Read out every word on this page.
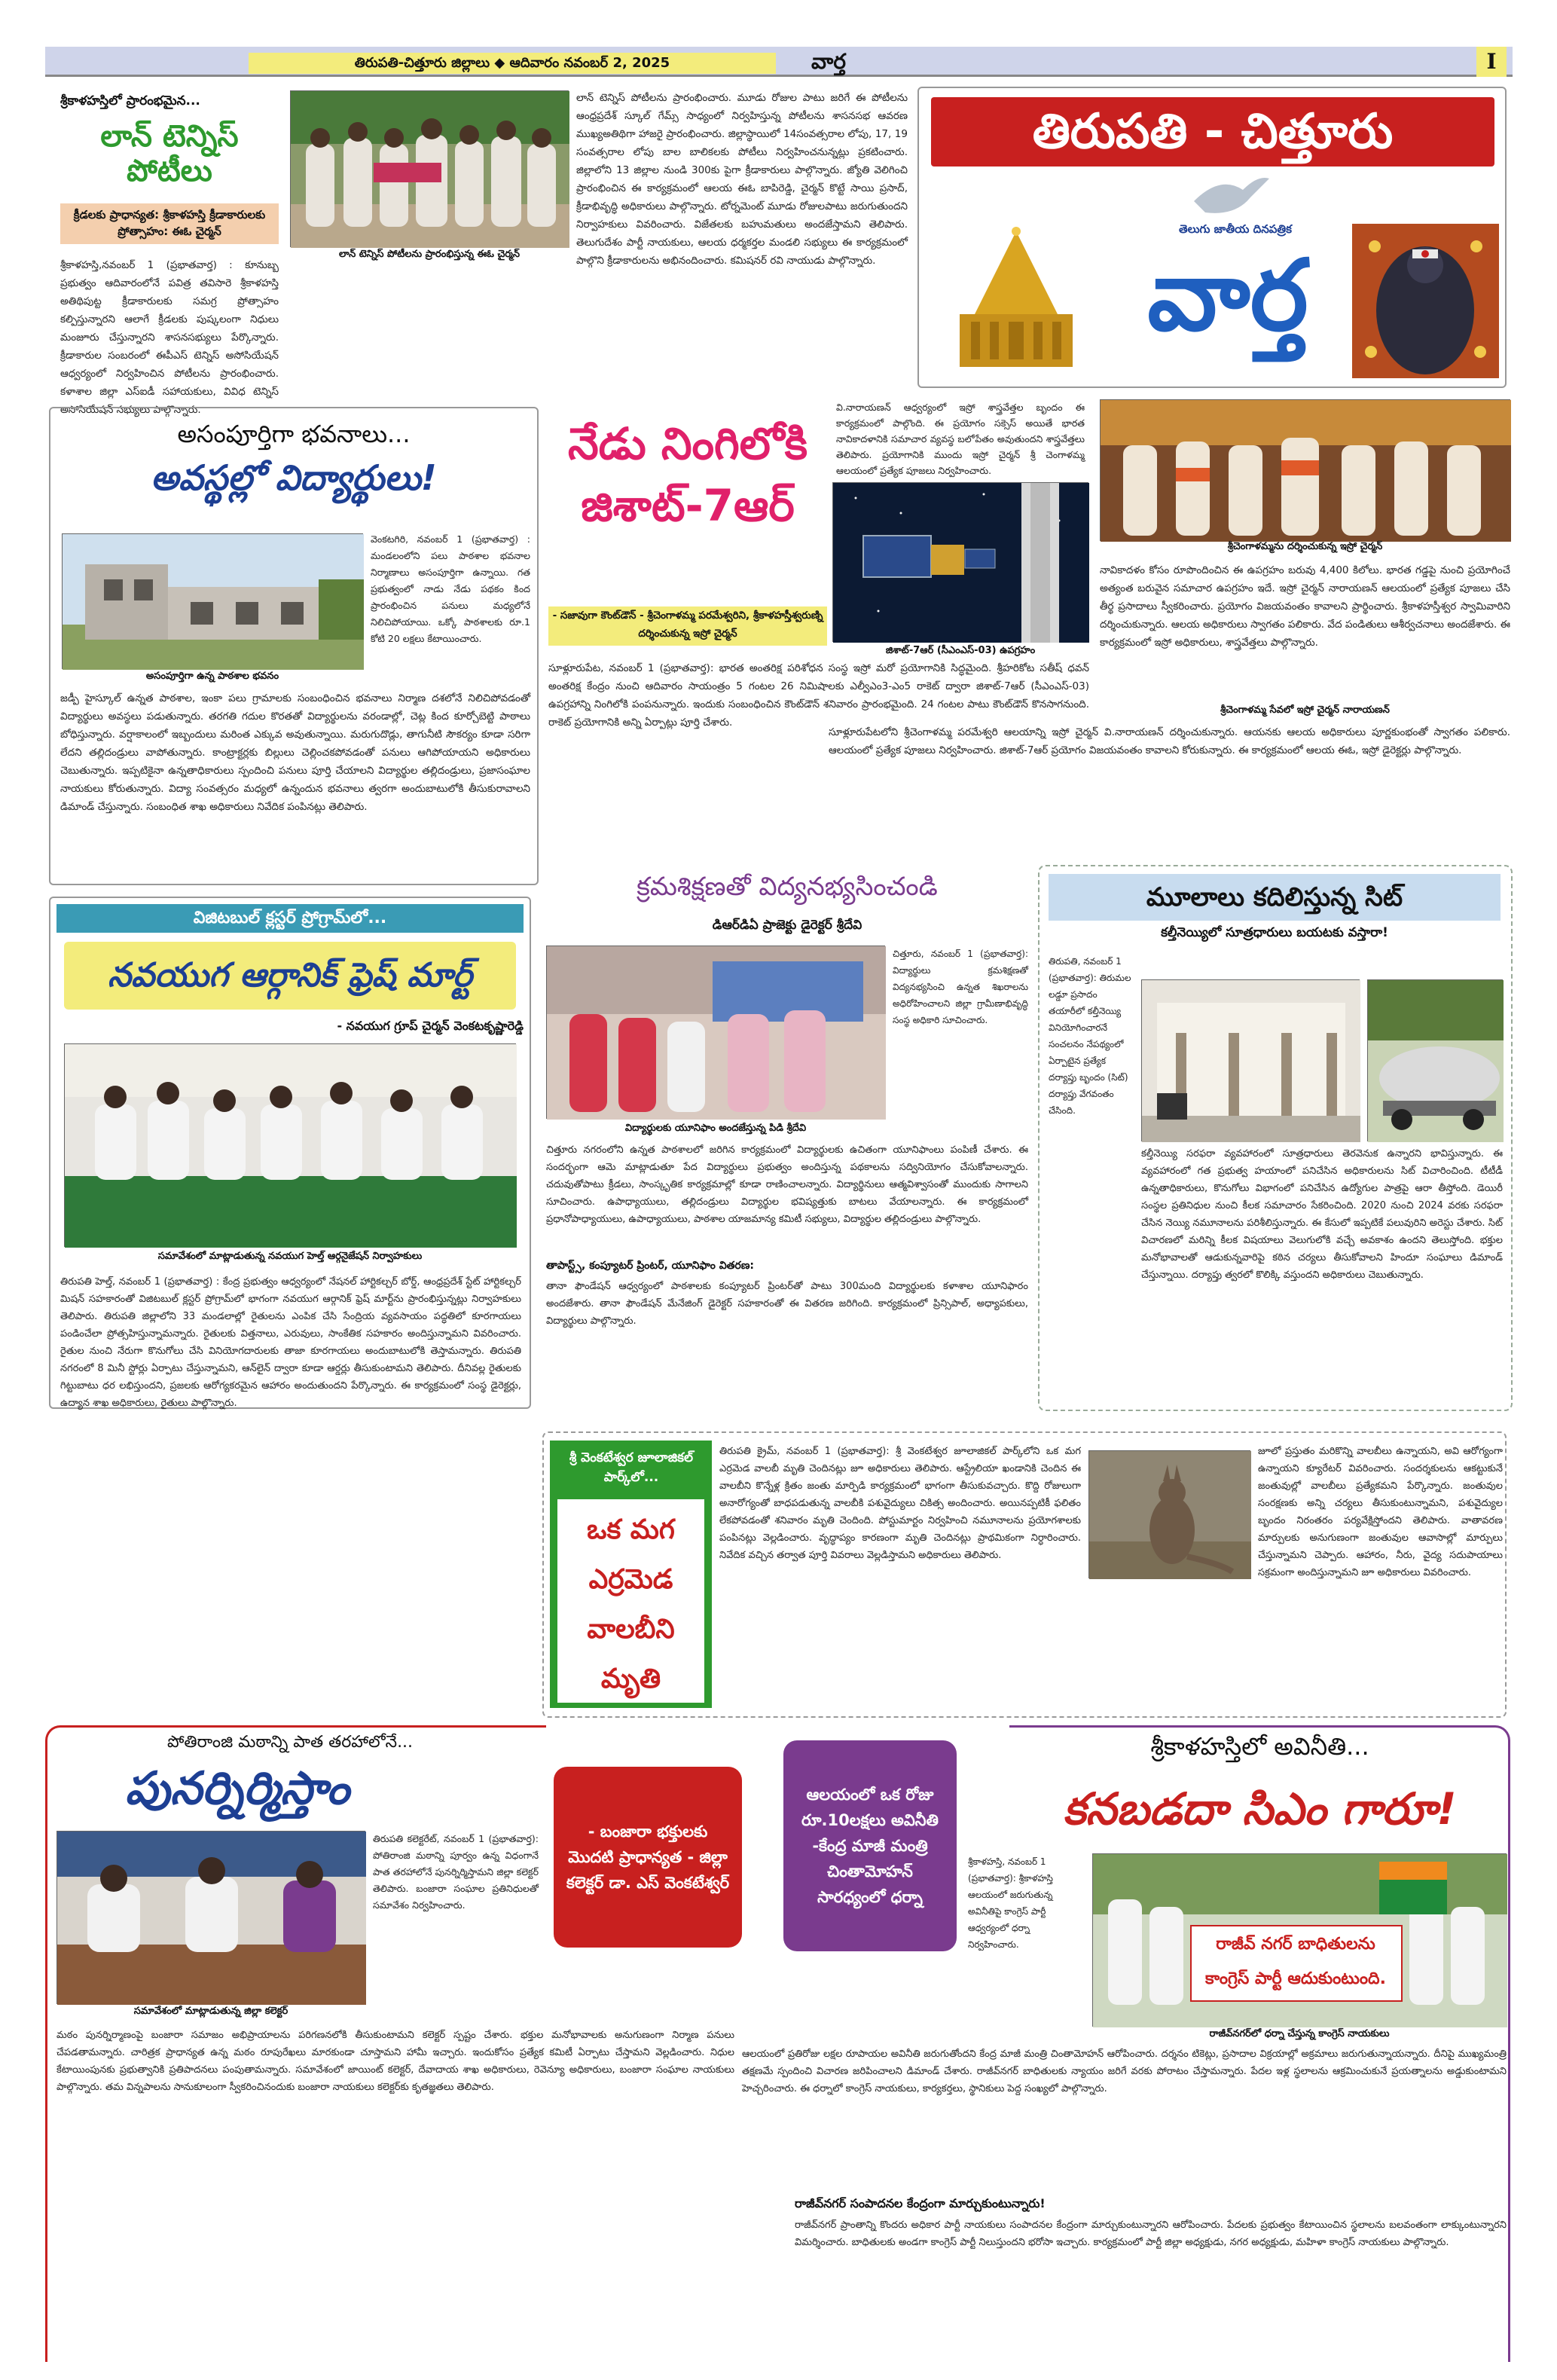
తిరుపతి-చిత్తూరు జిల్లాలు ◆ ఆదివారం నవంబర్ 2, 2025	వార్త	I
శ్రీకాళహస్తిలో ప్రారంభమైన...
లాన్ టెన్నిస్ పోటీలు
క్రీడలకు ప్రాధాన్యత: శ్రీకాళహస్తి క్రీడాకారులకు ప్రోత్సాహం: ఈఓ చైర్మన్
లాన్ టెన్నిస్ పోటీలను ప్రారంభిస్తున్న ఈఓ చైర్మన్
శ్రీకాళహస్తి,నవంబర్ 1 (ప్రభాతవార్త) : కూనుబ్బ ప్రభుత్వం ఆదివారంలోనే పవిత్ర తవిసారె శ్రీకాళహస్తి అతిథిపుట్ట క్రీడాకారులకు సమగ్ర ప్రోత్సాహం కల్పిస్తున్నారని ఆలాగే క్రీడలకు పుష్కలంగా నిధులు మంజూరు చేస్తున్నారని శాసనసభ్యులు పేర్కొన్నారు. క్రీడాకారుల సంబరంలో ఈపీఎస్ టెన్నిస్ అసోసియేషన్ ఆధ్వర్యంలో నిర్వహించిన పోటీలను ప్రారంభించారు. కళాశాల జిల్లా ఎస్ఐడీ సహాయకులు, వివిధ టెన్నిస్ అసోసియేషన్ సభ్యులు పాల్గొన్నారు.
లాన్ టెన్నిస్ పోటీలను ప్రారంభించారు. మూడు రోజుల పాటు జరిగే ఈ పోటీలను ఆంధ్రప్రదేశ్ స్కూల్ గేమ్స్ సాధ్యంలో నిర్వహిస్తున్న పోటీలను శాసనసభ ఆవరణ ముఖ్యఅతిథిగా హాజరై ప్రారంభించారు. జిల్లాస్థాయిలో 14సంవత్సరాల లోపు, 17, 19 సంవత్సరాల లోపు బాల బాలికలకు పోటీలు నిర్వహించనున్నట్లు ప్రకటించారు. జిల్లాలోని 13 జిల్లాల నుండి 300కు పైగా క్రీడాకారులు పాల్గొన్నారు. జ్యోతి వెలిగించి ప్రారంభించిన ఈ కార్యక్రమంలో ఆలయ ఈఓ బాపిరెడ్డి, చైర్మన్ కొట్టే సాయి ప్రసాద్, క్రీడాభివృద్ధి అధికారులు పాల్గొన్నారు. టోర్నమెంట్ మూడు రోజులపాటు జరుగుతుందని నిర్వాహకులు వివరించారు. విజేతలకు బహుమతులు అందజేస్తామని తెలిపారు. తెలుగుదేశం పార్టీ నాయకులు, ఆలయ ధర్మకర్తల మండలి సభ్యులు ఈ కార్యక్రమంలో పాల్గొని క్రీడాకారులను అభినందించారు. కమిషనర్ రవి నాయుడు పాల్గొన్నారు.
తిరుపతి - చిత్తూరు
తెలుగు జాతీయ దినపత్రిక
వార్త
అసంపూర్తిగా భవనాలు...
అవస్థల్లో విద్యార్థులు!
అసంపూర్తిగా ఉన్న పాఠశాల భవనం
వెంకటగిరి, నవంబర్ 1 (ప్రభాతవార్త) : మండలంలోని పలు పాఠశాల భవనాల నిర్మాణాలు అసంపూర్తిగా ఉన్నాయి. గత ప్రభుత్వంలో నాడు నేడు పథకం కింద ప్రారంభించిన పనులు మధ్యలోనే నిలిచిపోయాయి. ఒక్కో పాఠశాలకు రూ.1 కోటి 20 లక్షలు కేటాయించారు.
జడ్పీ హైస్కూల్ ఉన్నత పాఠశాల, ఇంకా పలు గ్రామాలకు సంబంధించిన భవనాలు నిర్మాణ దశలోనే నిలిచిపోవడంతో విద్యార్థులు అవస్థలు పడుతున్నారు. తరగతి గదుల కొరతతో విద్యార్థులను వరండాల్లో, చెట్ల కింద కూర్చోబెట్టి పాఠాలు బోధిస్తున్నారు. వర్షాకాలంలో ఇబ్బందులు మరింత ఎక్కువ అవుతున్నాయి. మరుగుదొడ్లు, తాగునీటి సౌకర్యం కూడా సరిగా లేదని తల్లిదండ్రులు వాపోతున్నారు. కాంట్రాక్టర్లకు బిల్లులు చెల్లించకపోవడంతో పనులు ఆగిపోయాయని అధికారులు చెబుతున్నారు. ఇప్పటికైనా ఉన్నతాధికారులు స్పందించి పనులు పూర్తి చేయాలని విద్యార్థుల తల్లిదండ్రులు, ప్రజాసంఘాల నాయకులు కోరుతున్నారు. విద్యా సంవత్సరం మధ్యలో ఉన్నందున భవనాలు త్వరగా అందుబాటులోకి తీసుకురావాలని డిమాండ్ చేస్తున్నారు. సంబంధిత శాఖ అధికారులు నివేదిక పంపినట్లు తెలిపారు.
నేడు నింగిలోకి జిశాట్-7ఆర్
- సజావుగా కౌంట్‌డౌన్ - శ్రీచెంగాళమ్మ పరమేశ్వరిని, శ్రీకాళహస్తీశ్వరుణ్ని దర్శించుకున్న ఇస్రో చైర్మన్
జిశాట్-7ఆర్ (సీఎంఎస్-03) ఉపగ్రహం
వి.నారాయణన్ ఆధ్వర్యంలో ఇస్రో శాస్త్రవేత్తల బృందం ఈ కార్యక్రమంలో పాల్గొంది. ఈ ప్రయోగం సక్సెస్ అయితే భారత నావికాదళానికి సమాచార వ్యవస్థ బలోపేతం అవుతుందని శాస్త్రవేత్తలు తెలిపారు. ప్రయోగానికి ముందు ఇస్రో చైర్మన్ శ్రీ చెంగాళమ్మ ఆలయంలో ప్రత్యేక పూజలు నిర్వహించారు.
సూళ్లూరుపేట, నవంబర్ 1 (ప్రభాతవార్త): భారత అంతరిక్ష పరిశోధన సంస్థ ఇస్రో మరో ప్రయోగానికి సిద్ధమైంది. శ్రీహరికోట సతీష్ ధవన్ అంతరిక్ష కేంద్రం నుంచి ఆదివారం సాయంత్రం 5 గంటల 26 నిమిషాలకు ఎల్వీఎం3-ఎం5 రాకెట్ ద్వారా జిశాట్-7ఆర్ (సీఎంఎస్-03) ఉపగ్రహాన్ని నింగిలోకి పంపనున్నారు. ఇందుకు సంబంధించిన కౌంట్‌డౌన్ శనివారం ప్రారంభమైంది. 24 గంటల పాటు కౌంట్‌డౌన్ కొనసాగనుంది. రాకెట్ ప్రయోగానికి అన్ని ఏర్పాట్లు పూర్తి చేశారు.
శ్రీచెంగాళమ్మను దర్శించుకున్న ఇస్రో చైర్మన్
నావికాదళం కోసం రూపొందించిన ఈ ఉపగ్రహం బరువు 4,400 కిలోలు. భారత గడ్డపై నుంచి ప్రయోగించే అత్యంత బరువైన సమాచార ఉపగ్రహం ఇదే. ఇస్రో చైర్మన్ నారాయణన్ ఆలయంలో ప్రత్యేక పూజలు చేసి తీర్థ ప్రసాదాలు స్వీకరించారు. ప్రయోగం విజయవంతం కావాలని ప్రార్థించారు. శ్రీకాళహస్తీశ్వర స్వామివారిని దర్శించుకున్నారు. ఆలయ అధికారులు స్వాగతం పలికారు. వేద పండితులు ఆశీర్వచనాలు అందజేశారు. ఈ కార్యక్రమంలో ఇస్రో అధికారులు, శాస్త్రవేత్తలు పాల్గొన్నారు.
శ్రీచెంగాళమ్మ సేవలో ఇస్రో చైర్మన్ నారాయణన్
సూళ్లూరుపేటలోని శ్రీచెంగాళమ్మ పరమేశ్వరి ఆలయాన్ని ఇస్రో చైర్మన్ వి.నారాయణన్ దర్శించుకున్నారు. ఆయనకు ఆలయ అధికారులు పూర్ణకుంభంతో స్వాగతం పలికారు. ఆలయంలో ప్రత్యేక పూజలు నిర్వహించారు. జిశాట్-7ఆర్ ప్రయోగం విజయవంతం కావాలని కోరుకున్నారు. ఈ కార్యక్రమంలో ఆలయ ఈఓ, ఇస్రో డైరెక్టర్లు పాల్గొన్నారు.
విజిటబుల్ క్లస్టర్ ప్రోగ్రామ్‌లో...
నవయుగ ఆర్గానిక్ ఫ్రెష్ మార్ట్
- నవయుగ గ్రూప్ చైర్మన్ వెంకటకృష్ణారెడ్డి
సమావేశంలో మాట్లాడుతున్న నవయుగ హెల్త్ ఆర్గనైజేషన్ నిర్వాహకులు
తిరుపతి హెల్త్, నవంబర్ 1 (ప్రభాతవార్త) : కేంద్ర ప్రభుత్వం ఆధ్వర్యంలో నేషనల్ హార్టికల్చర్ బోర్డ్, ఆంధ్రప్రదేశ్ స్టేట్ హార్టికల్చర్ మిషన్ సహకారంతో విజిటబుల్ క్లస్టర్ ప్రోగ్రామ్‌లో భాగంగా నవయుగ ఆర్గానిక్ ఫ్రెష్ మార్ట్‌ను ప్రారంభిస్తున్నట్లు నిర్వాహకులు తెలిపారు. తిరుపతి జిల్లాలోని 33 మండలాల్లో రైతులను ఎంపిక చేసి సేంద్రియ వ్యవసాయం పద్ధతిలో కూరగాయలు పండించేలా ప్రోత్సహిస్తున్నామన్నారు. రైతులకు విత్తనాలు, ఎరువులు, సాంకేతిక సహకారం అందిస్తున్నామని వివరించారు. రైతుల నుంచి నేరుగా కొనుగోలు చేసి వినియోగదారులకు తాజా కూరగాయలు అందుబాటులోకి తెస్తామన్నారు. తిరుపతి నగరంలో 8 మినీ స్టోర్లు ఏర్పాటు చేస్తున్నామని, ఆన్‌లైన్ ద్వారా కూడా ఆర్డర్లు తీసుకుంటామని తెలిపారు. దీనివల్ల రైతులకు గిట్టుబాటు ధర లభిస్తుందని, ప్రజలకు ఆరోగ్యకరమైన ఆహారం అందుతుందని పేర్కొన్నారు. ఈ కార్యక్రమంలో సంస్థ డైరెక్టర్లు, ఉద్యాన శాఖ అధికారులు, రైతులు పాల్గొన్నారు.
క్రమశిక్షణతో విద్యనభ్యసించండి
డిఆర్‌డిఏ ప్రాజెక్టు డైరెక్టర్ శ్రీదేవి
విద్యార్థులకు యూనిఫాం అందజేస్తున్న పిడి శ్రీదేవి
చిత్తూరు, నవంబర్ 1 (ప్రభాతవార్త): విద్యార్థులు క్రమశిక్షణతో విద్యనభ్యసించి ఉన్నత శిఖరాలను అధిరోహించాలని జిల్లా గ్రామీణాభివృద్ధి సంస్థ అధికారి సూచించారు.
చిత్తూరు నగరంలోని ఉన్నత పాఠశాలలో జరిగిన కార్యక్రమంలో విద్యార్థులకు ఉచితంగా యూనిఫాంలు పంపిణీ చేశారు. ఈ సందర్భంగా ఆమె మాట్లాడుతూ పేద విద్యార్థులు ప్రభుత్వం అందిస్తున్న పథకాలను సద్వినియోగం చేసుకోవాలన్నారు. చదువుతోపాటు క్రీడలు, సాంస్కృతిక కార్యక్రమాల్లో కూడా రాణించాలన్నారు. విద్యార్థినులు ఆత్మవిశ్వాసంతో ముందుకు సాగాలని సూచించారు. ఉపాధ్యాయులు, తల్లిదండ్రులు విద్యార్థుల భవిష్యత్తుకు బాటలు వేయాలన్నారు. ఈ కార్యక్రమంలో ప్రధానోపాధ్యాయులు, ఉపాధ్యాయులు, పాఠశాల యాజమాన్య కమిటీ సభ్యులు, విద్యార్థుల తల్లిదండ్రులు పాల్గొన్నారు.
తాపాస్ట్స్, కంప్యూటర్ ప్రింటర్, యూనిఫాం వితరణ:
తానా ఫౌండేషన్ ఆధ్వర్యంలో పాఠశాలకు కంప్యూటర్ ప్రింటర్‌తో పాటు 300మంది విద్యార్థులకు కళాశాల యూనిఫారం అందజేశారు. తానా ఫౌండేషన్ మేనేజింగ్ డైరెక్టర్ సహకారంతో ఈ వితరణ జరిగింది. కార్యక్రమంలో ప్రిన్సిపాల్, అధ్యాపకులు, విద్యార్థులు పాల్గొన్నారు.
మూలాలు కదిలిస్తున్న సిట్
కల్తీనెయ్యిలో సూత్రధారులు బయటకు వస్తారా!
తిరుపతి, నవంబర్ 1 (ప్రభాతవార్త): తిరుమల లడ్డూ ప్రసాదం తయారీలో కల్తీనెయ్యి వినియోగించారనే సంచలనం నేపథ్యంలో ఏర్పాటైన ప్రత్యేక దర్యాప్తు బృందం (సిట్) దర్యాప్తు వేగవంతం చేసింది.
కల్తీనెయ్యి సరఫరా వ్యవహారంలో సూత్రధారులు తెరవెనుక ఉన్నారని భావిస్తున్నారు. ఈ వ్యవహారంలో గత ప్రభుత్వ హయాంలో పనిచేసిన అధికారులను సిట్ విచారించింది. టీటీడీ ఉన్నతాధికారులు, కొనుగోలు విభాగంలో పనిచేసిన ఉద్యోగుల పాత్రపై ఆరా తీస్తోంది. డెయిరీ సంస్థల ప్రతినిధుల నుంచి కీలక సమాచారం సేకరించింది. 2020 నుంచి 2024 వరకు సరఫరా చేసిన నెయ్యి నమూనాలను పరిశీలిస్తున్నారు. ఈ కేసులో ఇప్పటికే పలువురిని అరెస్టు చేశారు. సిట్ విచారణలో మరిన్ని కీలక విషయాలు వెలుగులోకి వచ్చే అవకాశం ఉందని తెలుస్తోంది. భక్తుల మనోభావాలతో ఆడుకున్నవారిపై కఠిన చర్యలు తీసుకోవాలని హిందూ సంఘాలు డిమాండ్ చేస్తున్నాయి. దర్యాప్తు త్వరలో కొలిక్కి వస్తుందని అధికారులు చెబుతున్నారు.
శ్రీ వెంకటేశ్వర జూలాజికల్ పార్క్‌లో...
ఒక మగ ఎర్రమెడ వాలబీని మృతి
తిరుపతి క్రైమ్, నవంబర్ 1 (ప్రభాతవార్త): శ్రీ వెంకటేశ్వర జూలాజికల్ పార్క్‌లోని ఒక మగ ఎర్రమెడ వాలబీ మృతి చెందినట్లు జూ అధికారులు తెలిపారు. ఆస్ట్రేలియా ఖండానికి చెందిన ఈ వాలబీని కొన్నేళ్ల క్రితం జంతు మార్పిడి కార్యక్రమంలో భాగంగా తీసుకువచ్చారు. కొద్ది రోజులుగా అనారోగ్యంతో బాధపడుతున్న వాలబీకి పశువైద్యులు చికిత్స అందించారు. అయినప్పటికీ ఫలితం లేకపోవడంతో శనివారం మృతి చెందింది. పోస్టుమార్టం నిర్వహించి నమూనాలను ప్రయోగశాలకు పంపినట్లు వెల్లడించారు. వృద్ధాప్యం కారణంగా మృతి చెందినట్లు ప్రాథమికంగా నిర్ధారించారు. నివేదిక వచ్చిన తర్వాత పూర్తి వివరాలు వెల్లడిస్తామని అధికారులు తెలిపారు.
జూలో ప్రస్తుతం మరికొన్ని వాలబీలు ఉన్నాయని, అవి ఆరోగ్యంగా ఉన్నాయని క్యూరేటర్ వివరించారు. సందర్శకులను ఆకట్టుకునే జంతువుల్లో వాలబీలు ప్రత్యేకమని పేర్కొన్నారు. జంతువుల సంరక్షణకు అన్ని చర్యలు తీసుకుంటున్నామని, పశువైద్యుల బృందం నిరంతరం పర్యవేక్షిస్తోందని తెలిపారు. వాతావరణ మార్పులకు అనుగుణంగా జంతువుల ఆవాసాల్లో మార్పులు చేస్తున్నామని చెప్పారు. ఆహారం, నీరు, వైద్య సదుపాయాలు సక్రమంగా అందిస్తున్నామని జూ అధికారులు వివరించారు.
పోతిరాంజి మఠాన్ని పాత తరహాలోనే...
పునర్నిర్మిస్తాం
- బంజారా భక్తులకు మొదటి ప్రాధాన్యత - జిల్లా కలెక్టర్ డా. ఎస్ వెంకటేశ్వర్
సమావేశంలో మాట్లాడుతున్న జిల్లా కలెక్టర్
తిరుపతి కలెక్టరేట్, నవంబర్ 1 (ప్రభాతవార్త): పోతిరాంజి మఠాన్ని పూర్వం ఉన్న విధంగానే పాత తరహాలోనే పునర్నిర్మిస్తామని జిల్లా కలెక్టర్ తెలిపారు. బంజారా సంఘాల ప్రతినిధులతో సమావేశం నిర్వహించారు.
మఠం పునర్నిర్మాణంపై బంజారా సమాజం అభిప్రాయాలను పరిగణనలోకి తీసుకుంటామని కలెక్టర్ స్పష్టం చేశారు. భక్తుల మనోభావాలకు అనుగుణంగా నిర్మాణ పనులు చేపడతామన్నారు. చారిత్రక ప్రాధాన్యత ఉన్న మఠం రూపురేఖలు మారకుండా చూస్తామని హామీ ఇచ్చారు. ఇందుకోసం ప్రత్యేక కమిటీ ఏర్పాటు చేస్తామని వెల్లడించారు. నిధుల కేటాయింపునకు ప్రభుత్వానికి ప్రతిపాదనలు పంపుతామన్నారు. సమావేశంలో జాయింట్ కలెక్టర్, దేవాదాయ శాఖ అధికారులు, రెవెన్యూ అధికారులు, బంజారా సంఘాల నాయకులు పాల్గొన్నారు. తమ విన్నపాలను సానుకూలంగా స్వీకరించినందుకు బంజారా నాయకులు కలెక్టర్‌కు కృతజ్ఞతలు తెలిపారు.
శ్రీకాళహస్తిలో అవినీతి...
కనబడదా సిఎం గారూ!
ఆలయంలో ఒక రోజు రూ.10లక్షలు అవినీతి -కేంద్ర మాజీ మంత్రి చింతామోహన్ సారధ్యంలో ధర్నా
శ్రీకాళహస్తి, నవంబర్ 1 (ప్రభాతవార్త): శ్రీకాళహస్తి ఆలయంలో జరుగుతున్న అవినీతిపై కాంగ్రెస్ పార్టీ ఆధ్వర్యంలో ధర్నా నిర్వహించారు.	రాజీవ్ నగర్ బాధితులను కాంగ్రెస్ పార్టీ ఆదుకుంటుంది.
రాజీవ్‌నగర్‌లో ధర్నా చేస్తున్న కాంగ్రెస్ నాయకులు
ఆలయంలో ప్రతిరోజు లక్షల రూపాయల అవినీతి జరుగుతోందని కేంద్ర మాజీ మంత్రి చింతామోహన్ ఆరోపించారు. దర్శనం టికెట్లు, ప్రసాదాల విక్రయాల్లో అక్రమాలు జరుగుతున్నాయన్నారు. దీనిపై ముఖ్యమంత్రి తక్షణమే స్పందించి విచారణ జరిపించాలని డిమాండ్ చేశారు. రాజీవ్‌నగర్ బాధితులకు న్యాయం జరిగే వరకు పోరాటం చేస్తామన్నారు. పేదల ఇళ్ల స్థలాలను ఆక్రమించుకునే ప్రయత్నాలను అడ్డుకుంటామని హెచ్చరించారు. ఈ ధర్నాలో కాంగ్రెస్ నాయకులు, కార్యకర్తలు, స్థానికులు పెద్ద సంఖ్యలో పాల్గొన్నారు.
రాజీవ్‌నగర్ సంపాదనల కేంద్రంగా మార్చుకుంటున్నారు!
రాజీవ్‌నగర్ ప్రాంతాన్ని కొందరు అధికార పార్టీ నాయకులు సంపాదనల కేంద్రంగా మార్చుకుంటున్నారని ఆరోపించారు. పేదలకు ప్రభుత్వం కేటాయించిన స్థలాలను బలవంతంగా లాక్కుంటున్నారని విమర్శించారు. బాధితులకు అండగా కాంగ్రెస్ పార్టీ నిలుస్తుందని భరోసా ఇచ్చారు. కార్యక్రమంలో పార్టీ జిల్లా అధ్యక్షుడు, నగర అధ్యక్షుడు, మహిళా కాంగ్రెస్ నాయకులు పాల్గొన్నారు.
